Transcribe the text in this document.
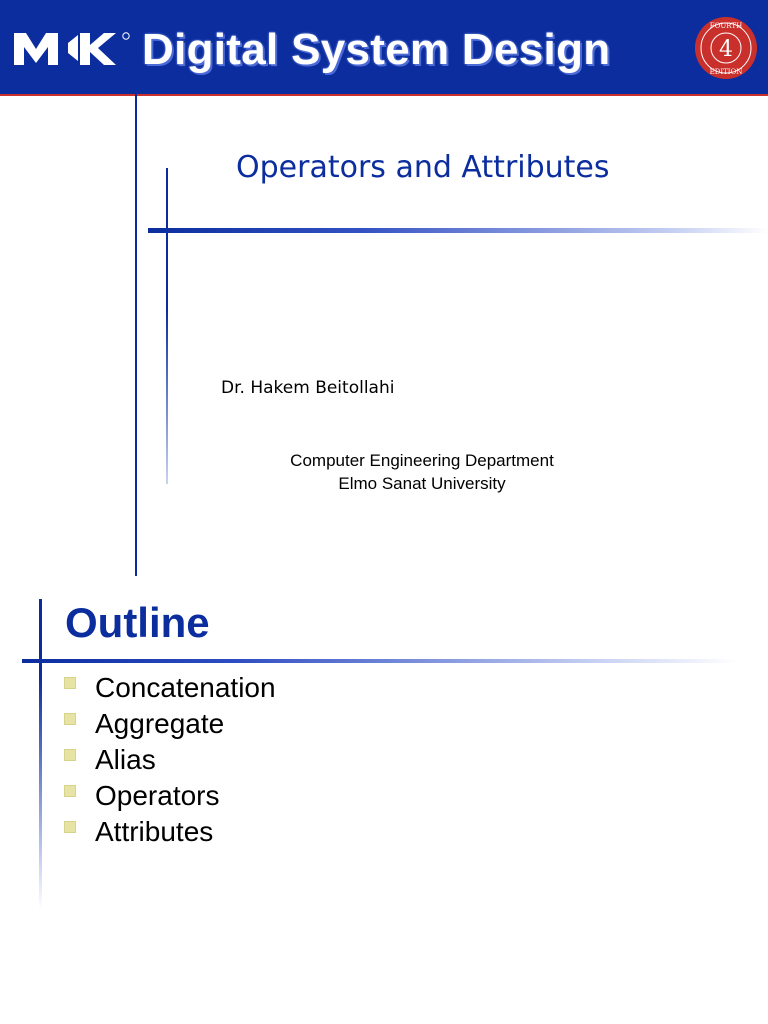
Digital System Design	FOURTH
4
EDITION
Operators and Attributes
Dr. Hakem Beitollahi
Computer Engineering Department
Elmo Sanat University
Outline
Concatenation
Aggregate
Alias
Operators
Attributes
